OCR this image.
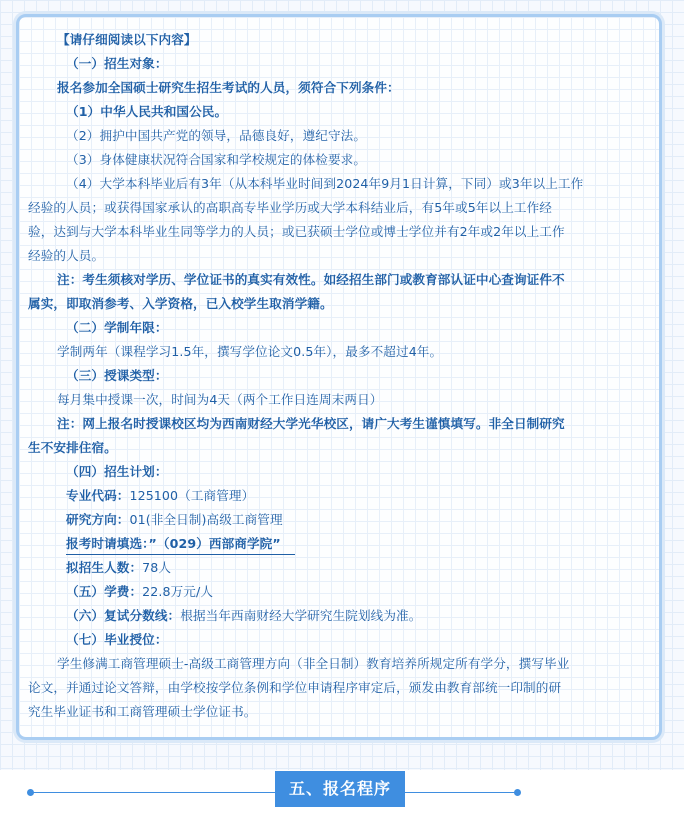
【请仔细阅读以下内容】
（一）招生对象：
报名参加全国硕士研究生招生考试的人员，须符合下列条件：
（1）中华人民共和国公民。
（2）拥护中国共产党的领导，品德良好，遵纪守法。
（3）身体健康状况符合国家和学校规定的体检要求。
（4）大学本科毕业后有3年（从本科毕业时间到2024年9月1日计算，下同）或3年以上工作
经验的人员；或获得国家承认的高职高专毕业学历或大学本科结业后，有5年或5年以上工作经
验，达到与大学本科毕业生同等学力的人员；或已获硕士学位或博士学位并有2年或2年以上工作
经验的人员。
注：考生须核对学历、学位证书的真实有效性。如经招生部门或教育部认证中心查询证件不
属实，即取消参考、入学资格，已入校学生取消学籍。
（二）学制年限：
学制两年（课程学习1.5年，撰写学位论文0.5年），最多不超过4年。
（三）授课类型：
每月集中授课一次，时间为4天（两个工作日连周末两日）
注：网上报名时授课校区均为西南财经大学光华校区，请广大考生谨慎填写。非全日制研究
生不安排住宿。
（四）招生计划：
专业代码：125100（工商管理）
研究方向：01(非全日制)高级工商管理
报考时请填选：”（029）西部商学院”
拟招生人数：78人
（五）学费：22.8万元/人
（六）复试分数线：根据当年西南财经大学研究生院划线为准。
（七）毕业授位：
学生修满工商管理硕士-高级工商管理方向（非全日制）教育培养所规定所有学分，撰写毕业
论文，并通过论文答辩，由学校按学位条例和学位申请程序审定后，颁发由教育部统一印制的研
究生毕业证书和工商管理硕士学位证书。
五、报名程序
